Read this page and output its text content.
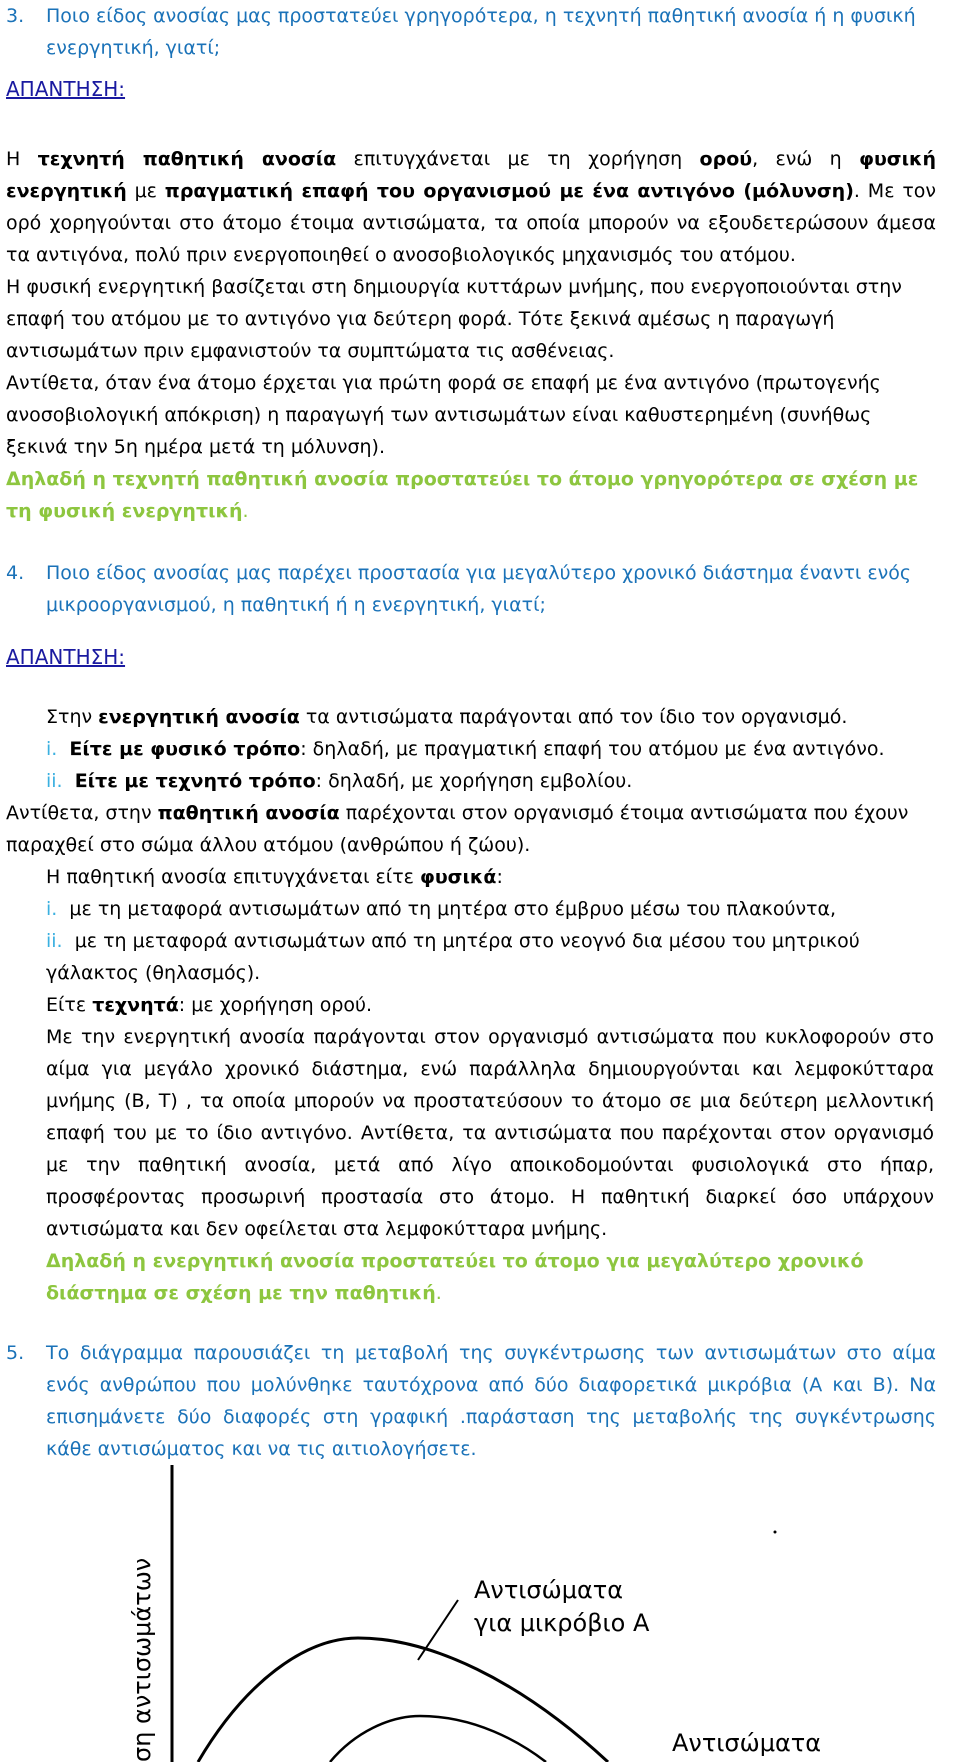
3.	Ποιο είδος ανοσίας μας προστατεύει γρηγορότερα, η τεχνητή παθητική ανοσία ή η φυσική ενεργητική, γιατί;
ΑΠΑΝΤΗΣΗ:
Η τεχνητή παθητική ανοσία επιτυγχάνεται με τη χορήγηση ορού, ενώ η φυσική ενεργητική με πραγματική επαφή του οργανισμού με ένα αντιγόνο (μόλυνση). Με τον ορό χορηγούνται στο άτομο έτοιμα αντισώματα, τα οποία μπορούν να εξουδετερώσουν άμεσα τα αντιγόνα, πολύ πριν ενεργοποιηθεί ο ανοσοβιολογικός μηχανισμός του ατόμου.
Η φυσική ενεργητική βασίζεται στη δημιουργία κυττάρων μνήμης, που ενεργοποιούνται στην επαφή του ατόμου με το αντιγόνο για δεύτερη φορά. Τότε ξεκινά αμέσως η παραγωγή αντισωμάτων πριν εμφανιστούν τα συμπτώματα τις ασθένειας.
Αντίθετα, όταν ένα άτομο έρχεται για πρώτη φορά σε επαφή με ένα αντιγόνο (πρωτογενής ανοσοβιολογική απόκριση) η παραγωγή των αντισωμάτων είναι καθυστερημένη (συνήθως ξεκινά την 5η ημέρα μετά τη μόλυνση).
Δηλαδή η τεχνητή παθητική ανοσία προστατεύει το άτομο γρηγορότερα σε σχέση με τη φυσική ενεργητική.
4.	Ποιο είδος ανοσίας μας παρέχει προστασία για μεγαλύτερο χρονικό διάστημα έναντι ενός μικροοργανισμού, η παθητική ή η ενεργητική, γιατί;
ΑΠΑΝΤΗΣΗ:
Στην ενεργητική ανοσία τα αντισώματα παράγονται από τον ίδιο τον οργανισμό.
i. Είτε με φυσικό τρόπο: δηλαδή, με πραγματική επαφή του ατόμου με ένα αντιγόνο.
ii. Είτε με τεχνητό τρόπο: δηλαδή, με χορήγηση εμβολίου.
Αντίθετα, στην παθητική ανοσία παρέχονται στον οργανισμό έτοιμα αντισώματα που έχουν παραχθεί στο σώμα άλλου ατόμου (ανθρώπου ή ζώου).
Η παθητική ανοσία επιτυγχάνεται είτε φυσικά:
i. με τη μεταφορά αντισωμάτων από τη μητέρα στο έμβρυο μέσω του πλακούντα,
ii. με τη μεταφορά αντισωμάτων από τη μητέρα στο νεογνό δια μέσου του μητρικού γάλακτος (θηλασμός).
Είτε τεχνητά: με χορήγηση ορού.
Με την ενεργητική ανοσία παράγονται στον οργανισμό αντισώματα που κυκλοφορούν στο αίμα για μεγάλο χρονικό διάστημα, ενώ παράλληλα δημιουργούνται και λεμφοκύτταρα μνήμης (Β, Τ) , τα οποία μπορούν να προστατεύσουν το άτομο σε μια δεύτερη μελλοντική επαφή του με το ίδιο αντιγόνο. Αντίθετα, τα αντισώματα που παρέχονται στον οργανισμό με την παθητική ανοσία, μετά από λίγο αποικοδομούνται φυσιολογικά στο ήπαρ, προσφέροντας προσωρινή προστασία στο άτομο. Η παθητική διαρκεί όσο υπάρχουν αντισώματα και δεν οφείλεται στα λεμφοκύτταρα μνήμης.
Δηλαδή η ενεργητική ανοσία προστατεύει το άτομο για μεγαλύτερο χρονικό διάστημα σε σχέση με την παθητική.
5.	Το διάγραμμα παρουσιάζει τη μεταβολή της συγκέντρωσης των αντισωμάτων στο αίμα ενός ανθρώπου που μολύνθηκε ταυτόχρονα από δύο διαφορετικά μικρόβια (Α και Β). Να επισημάνετε δύο διαφορές στη γραφική .παράσταση της μεταβολής της συγκέντρωσης κάθε αντισώματος και να τις αιτιολογήσετε.
ση αντισωμάτων	Αντισώματα
για μικρόβιο Α
Αντισώματα
